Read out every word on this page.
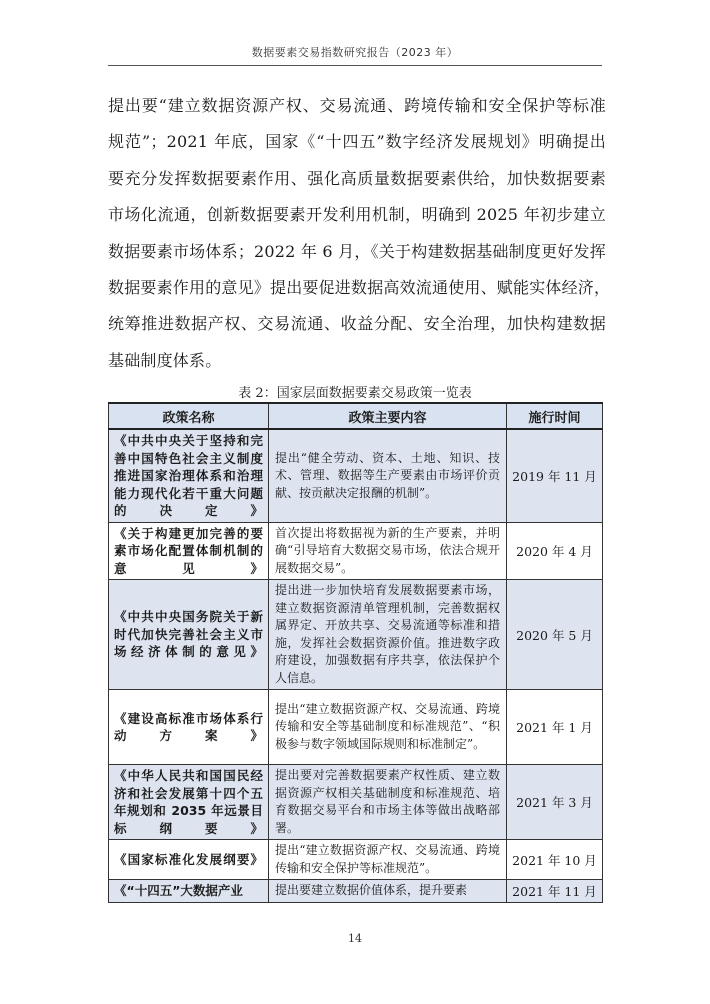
数据要素交易指数研究报告（2023 年）
提出要“建立数据资源产权、交易流通、跨境传输和安全保护等标准
规范”；2021 年底，国家《“十四五”数字经济发展规划》明确提出
要充分发挥数据要素作用、强化高质量数据要素供给，加快数据要素
市场化流通，创新数据要素开发利用机制，明确到 2025 年初步建立
数据要素市场体系；2022 年 6 月，《关于构建数据基础制度更好发挥
数据要素作用的意见》提出要促进数据高效流通使用、赋能实体经济，
统筹推进数据产权、交易流通、收益分配、安全治理，加快构建数据
基础制度体系。
表 2：国家层面数据要素交易政策一览表
政策名称	政策主要内容	施行时间
《中共中央关于坚持和完善中国特色社会主义制度推进国家治理体系和治理能力现代化若干重大问题的决定》	提出“健全劳动、资本、土地、知识、技术、管理、数据等生产要素由市场评价贡献、按贡献决定报酬的机制”。	2019 年 11 月
《关于构建更加完善的要素市场化配置体制机制的意见》	首次提出将数据视为新的生产要素，并明确“引导培育大数据交易市场，依法合规开展数据交易”。	2020 年 4 月
《中共中央国务院关于新时代加快完善社会主义市场经济体制的意见》	提出进一步加快培育发展数据要素市场，建立数据资源清单管理机制，完善数据权属界定、开放共享、交易流通等标准和措施，发挥社会数据资源价值。推进数字政府建设，加强数据有序共享，依法保护个人信息。	2020 年 5 月
《建设高标准市场体系行动方案》	提出“建立数据资源产权、交易流通、跨境传输和安全等基础制度和标准规范”、“积极参与数字领域国际规则和标准制定”。	2021 年 1 月
《中华人民共和国国民经济和社会发展第十四个五年规划和 2035 年远景目标纲要》	提出要对完善数据要素产权性质、建立数据资源产权相关基础制度和标准规范、培育数据交易平台和市场主体等做出战略部署。	2021 年 3 月
《国家标准化发展纲要》	提出“建立数据资源产权、交易流通、跨境传输和安全保护等标准规范”。	2021 年 10 月
《“十四五”大数据产业	提出要建立数据价值体系，提升要素	2021 年 11 月
14
